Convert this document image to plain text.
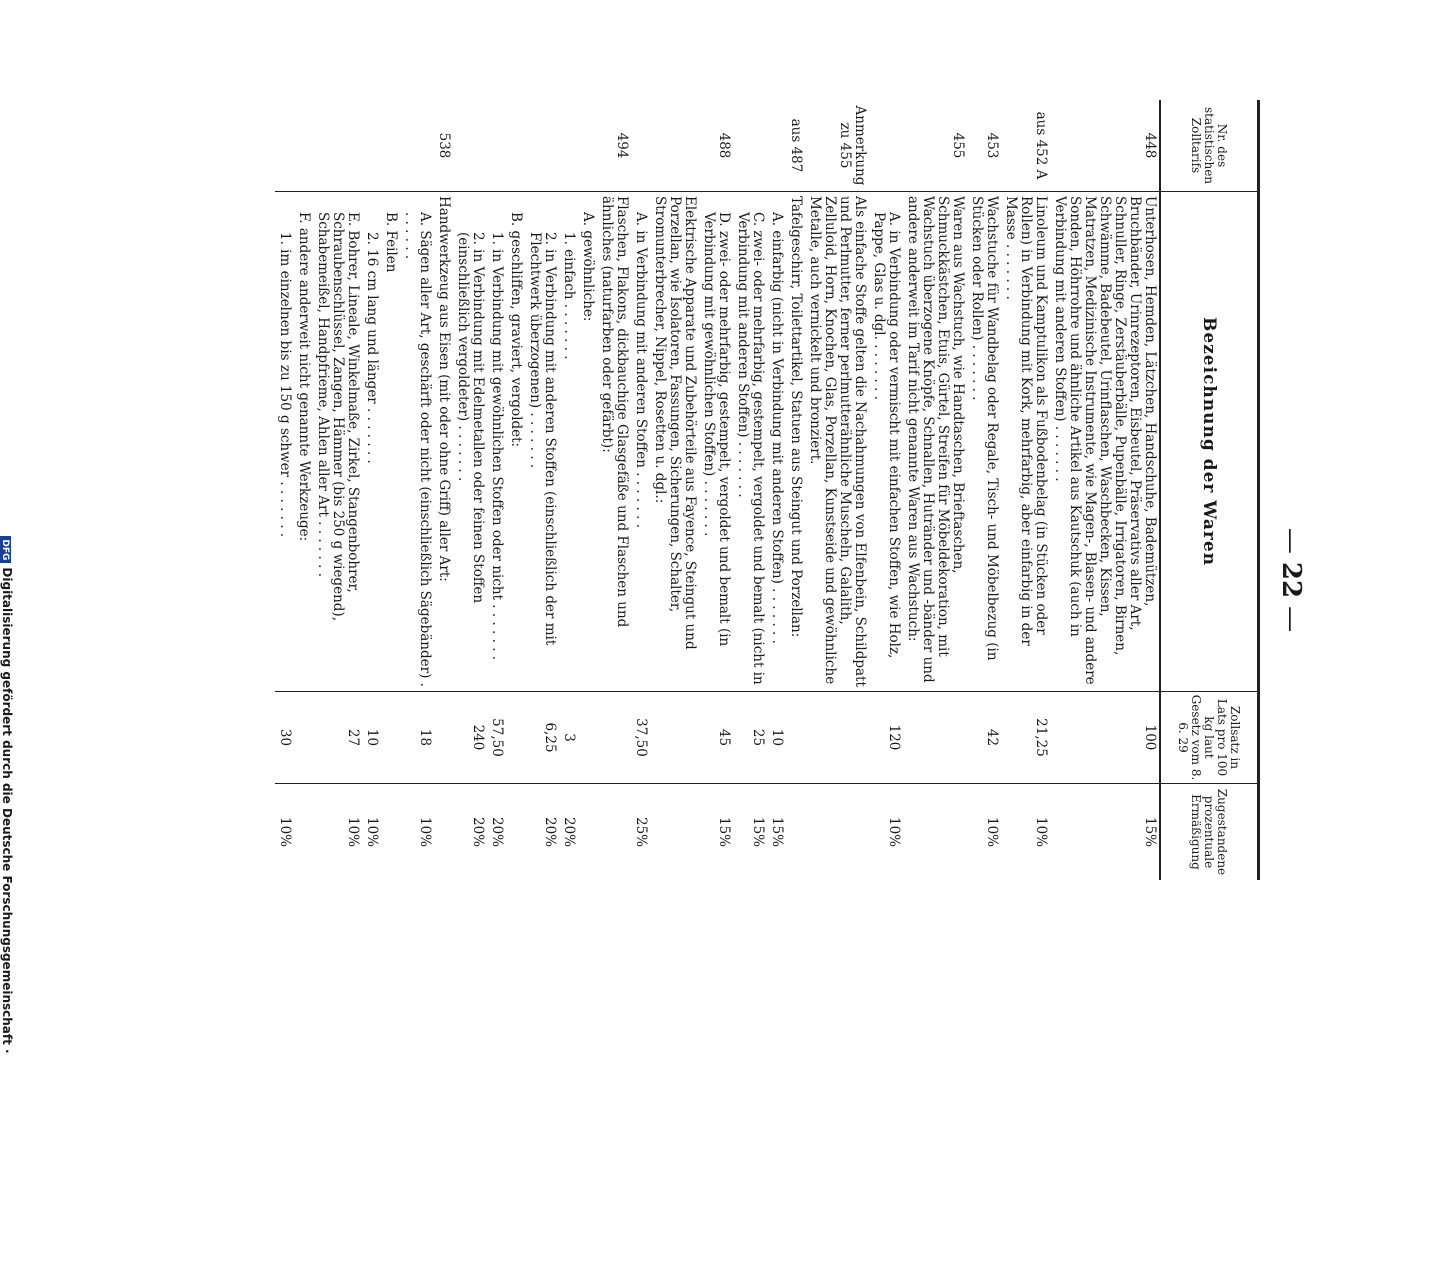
DFGDigitalisierung gefördert durch die Deutsche Forschungsgemeinschaft ·
—22—
Nr. des statistischen Zolltarifs
Bezeichnung der Waren
Zollsatz in Lats pro 100 kg laut Gesetz vom 8. 6. 29
Zugestandene prozentuale Ermäßigung
448
Unterhosen, Hemden, Lätzchen, Handschuhe, Bademützen, Bruchbänder, Urinrezeptoren, Eisbeutel, Präservativs aller Art, Schnuller, Ringe, Zerstäuberbälle, Pupenbälle, Irrigatoren, Birnen, Schwämme, Badebeutel, Urinflaschen, Waschbecken, Kissen, Matratzen, Medizinische Instrumente, wie Magen-, Blasen- und andere Sonden, Höhrrohre und ähnliche Artikel aus Kautschuk (auch in Verbindung mit anderen Stoffen) . . .
100
15%
aus 452 A
Linoleum und Kamptulikon als Fußbodenbelag (in Stücken oder Rollen) in Verbindung mit Kork, mehrfarbig, aber einfarbig in der Masse . . .
21,25
10%
453
Wachstuche für Wandbelag oder Regale, Tisch- und Möbelbezug (in Stücken oder Rollen) . . .
42
10%
455
Waren aus Wachstuch, wie Handtaschen, Brieftaschen, Schmuckkästchen, Etuis, Gürtel, Streifen für Möbeldekoration, mit Wachstuch überzogene Knöpfe, Schnallen, Hutränder und -bänder und andere anderweit im Tarif nicht genannte Waren aus Wachstuch:
A. in Verbindung oder vermischt mit einfachen Stoffen, wie Holz, Pappe, Glas u. dgl. . . .
120
10%
Anmerkung zu 455
Als einfache Stoffe gelten die Nachahmungen von Elfenbein, Schildpatt und Perlmutter, ferner perlmutterähnliche Muscheln, Galalith, Zelluloid, Horn, Knochen, Glas, Porzellan, Kunstseide und gewöhnliche Metalle, auch vernickelt und bronziert.
aus 487
Tafelgeschirr, Toilettartikel, Statuen aus Steingut und Porzellan:
A. einfarbig (nicht in Verbindung mit anderen Stoffen) . . .
10
15%
C. zwei- oder mehrfarbig, gestempelt, vergoldet und bemalt (nicht in Verbindung mit anderen Stoffen) . . .
25
15%
488
D. zwei- oder mehrfarbig, gestempelt, vergoldet und bemalt (in Verbindung mit gewöhnlichen Stoffen) . . .
45
15%
Elektrische Apparate und Zubehörteile aus Fayence, Steingut und Porzellan, wie Isolatoren, Fassungen, Sicherungen, Schalter, Stromunterbrecher, Nippel, Rosetten u. dgl.:
A. in Verbindung mit anderen Stoffen . . .
37,50
25%
494
Flaschen, Flakons, dickbauchige Glasgefäße und Flaschen und ähnliches (naturfarben oder gefärbt):
A. gewöhnliche:
1. einfach . . .
3
20%
2. in Verbindung mit anderen Stoffen (einschließlich der mit Flechtwerk überzogenen) . . .
6,25
20%
B. geschliffen, graviert, vergoldet:
1. in Verbindung mit gewöhnlichen Stoffen oder nicht . . .
57,50
20%
2. in Verbindung mit Edelmetallen oder feinen Stoffen (einschließlich vergoldeter) . . .
240
20%
538
Handwerkzeug aus Eisen (mit oder ohne Griff) aller Art:
A. Sägen aller Art, geschärft oder nicht (einschließlich Sägebänder) . . .
18
10%
B. Feilen
2. 16 cm lang und länger . . .
10
10%
E. Bohrer, Lineale, Winkelmaße, Zirkel, Stangenbohrer, Schraubenschlüssel, Zangen, Hämmer (bis 250 g wiegend), Schabemeißel, Handpfrieme, Ahlen aller Art . . .
27
10%
F. andere anderweit nicht genannte Werkzeuge:
1. im einzelnen bis zu 150 g schwer . . .
30
10%
